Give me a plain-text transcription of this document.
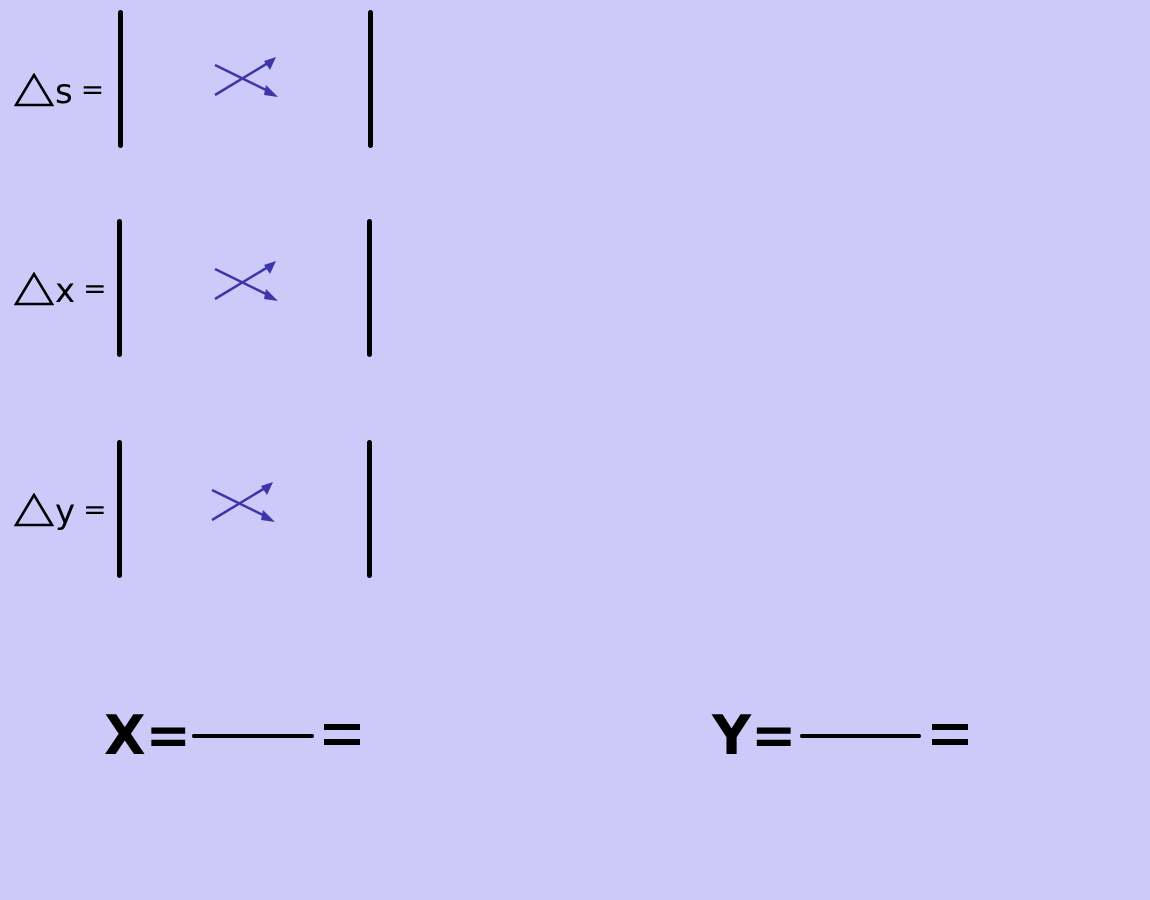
s =
x =
y =
X=	Y=
